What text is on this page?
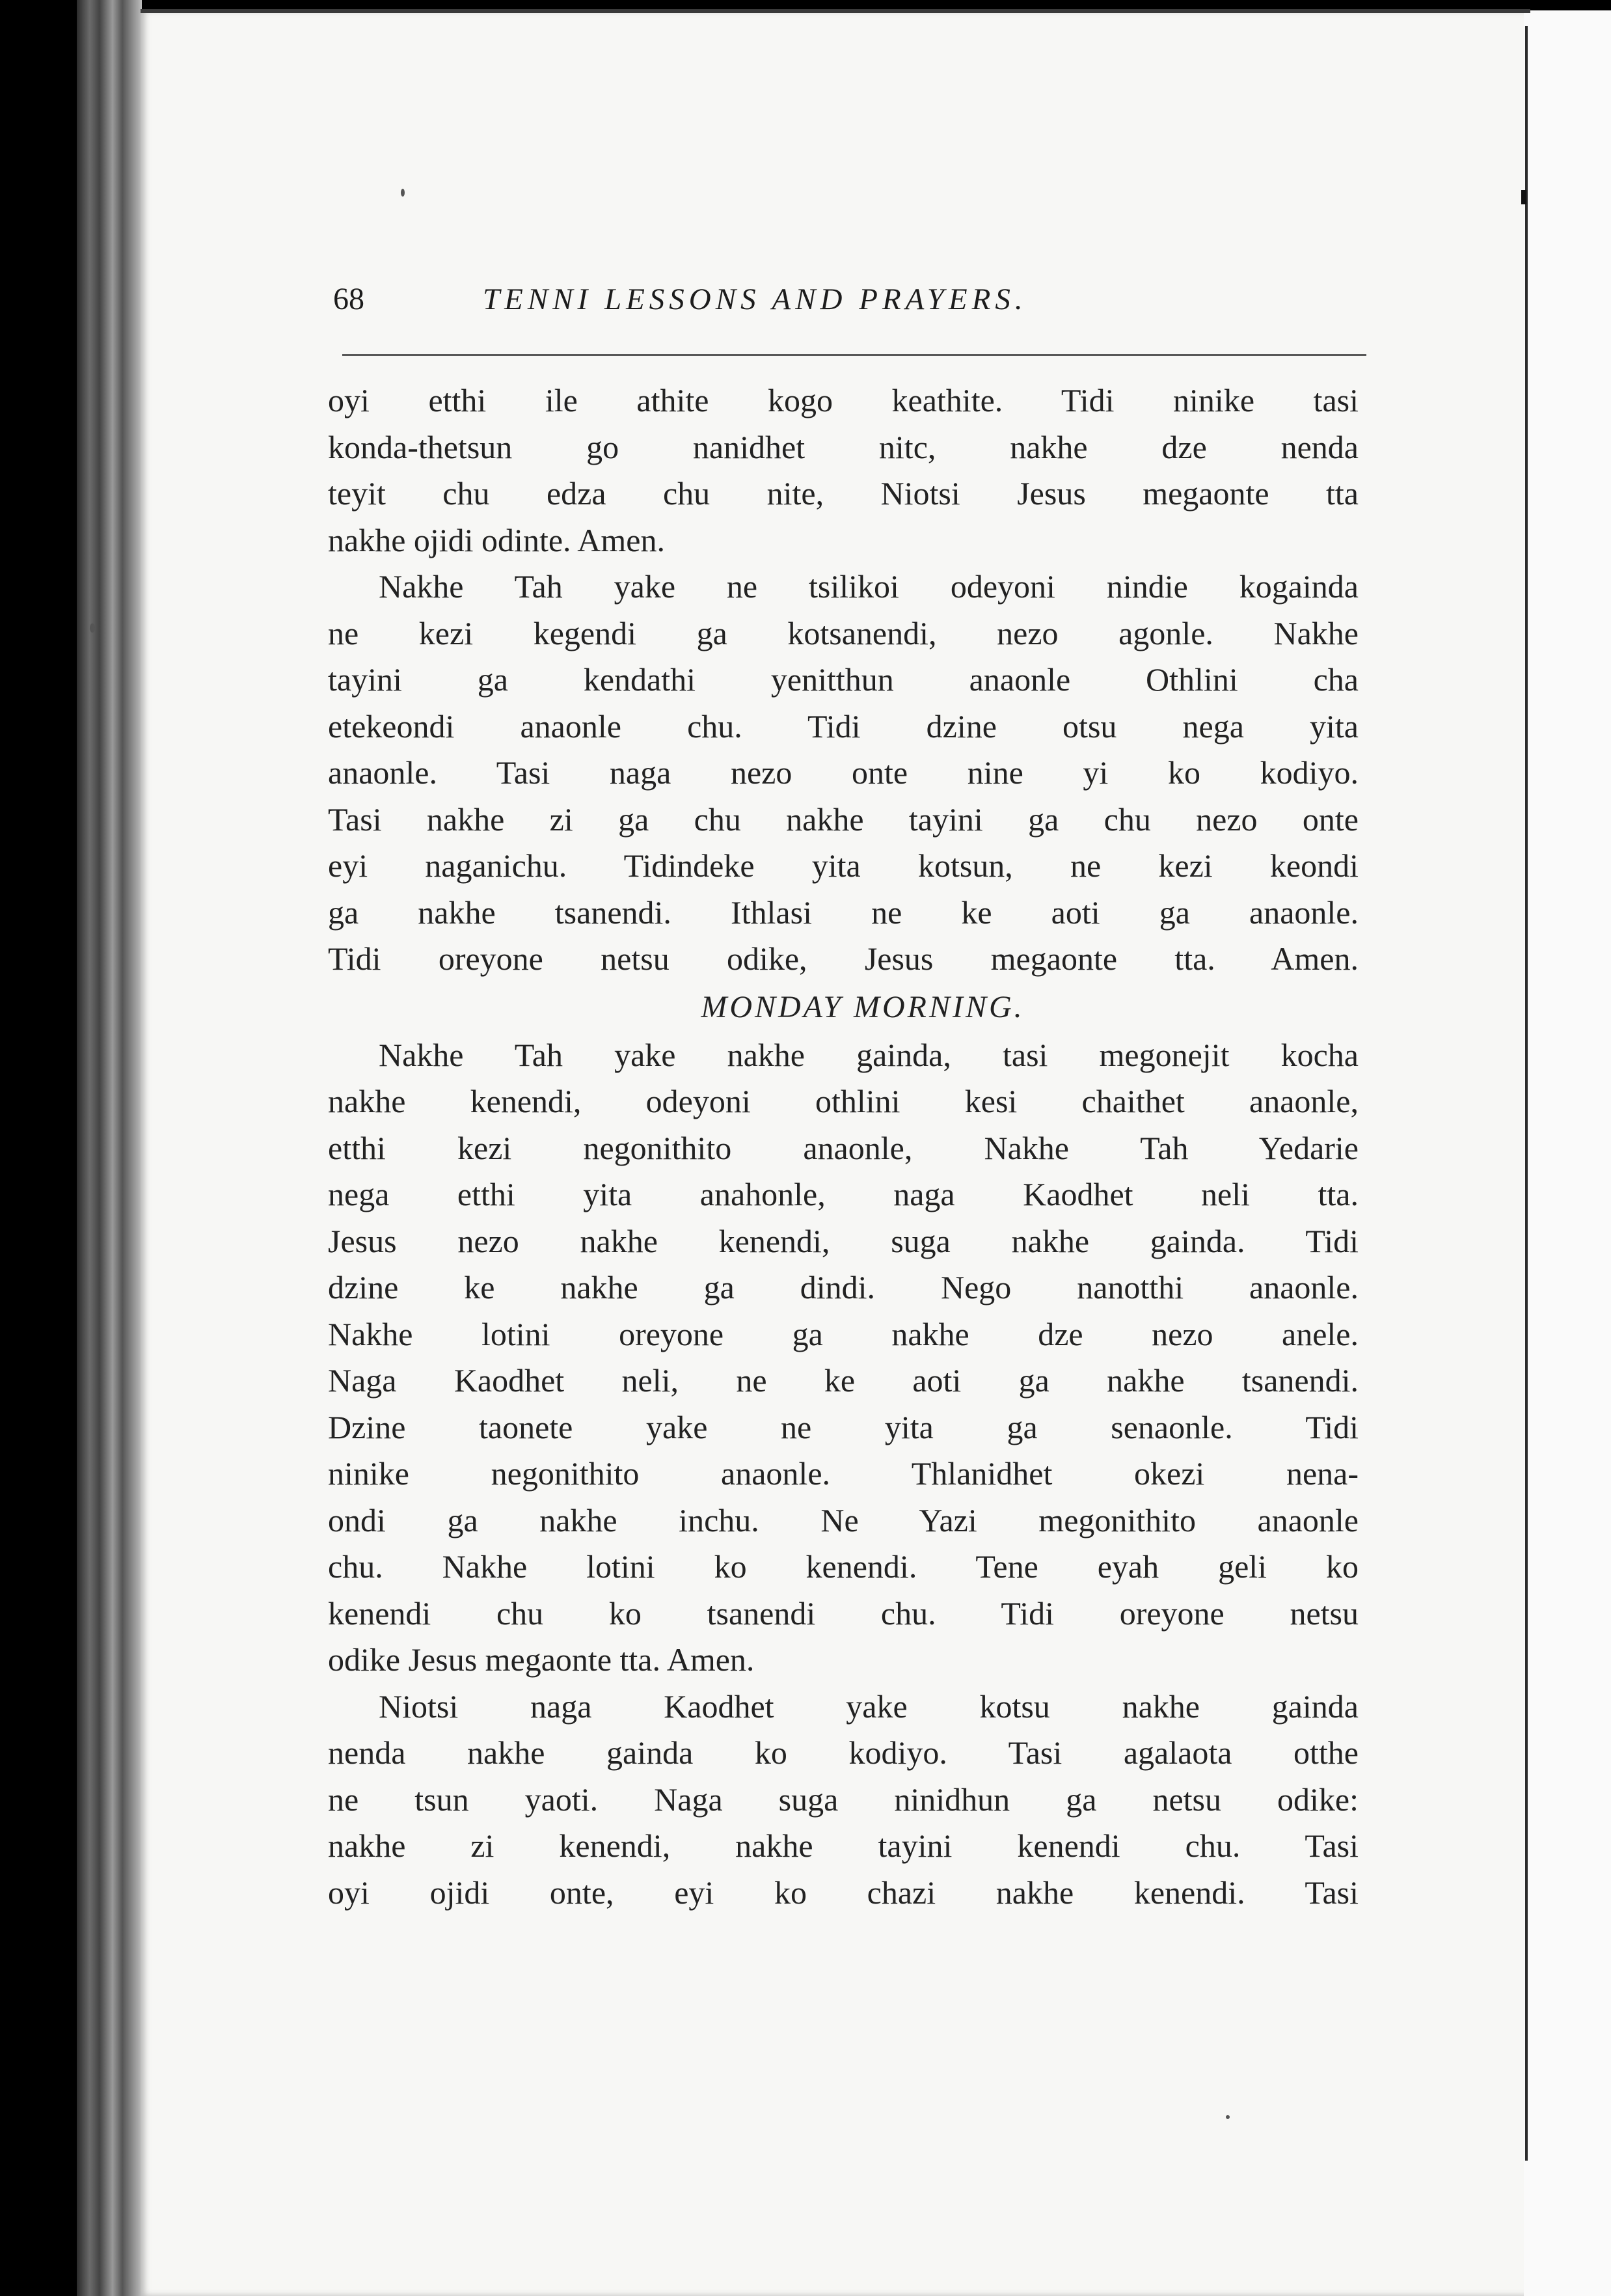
68	TENNI LESSONS AND PRAYERS.
oyi etthi ile athite kogo keathite. Tidi ninike tasi
konda-thetsun go nanidhet nitc, nakhe dze nenda
teyit chu edza chu nite, Niotsi Jesus megaonte tta
nakhe ojidi odinte. Amen.
Nakhe Tah yake ne tsilikoi odeyoni nindie kogainda
ne kezi kegendi ga kotsanendi, nezo agonle. Nakhe
tayini ga kendathi yenitthun anaonle Othlini cha
etekeondi anaonle chu. Tidi dzine otsu nega yita
anaonle. Tasi naga nezo onte nine yi ko kodiyo.
Tasi nakhe zi ga chu nakhe tayini ga chu nezo onte
eyi naganichu. Tidindeke yita kotsun, ne kezi keondi
ga nakhe tsanendi. Ithlasi ne ke aoti ga anaonle.
Tidi oreyone netsu odike, Jesus megaonte tta. Amen.
MONDAY MORNING.
Nakhe Tah yake nakhe gainda, tasi megonejit kocha
nakhe kenendi, odeyoni othlini kesi chaithet anaonle,
etthi kezi negonithito anaonle, Nakhe Tah Yedarie
nega etthi yita anahonle, naga Kaodhet neli tta.
Jesus nezo nakhe kenendi, suga nakhe gainda. Tidi
dzine ke nakhe ga dindi. Nego nanotthi anaonle.
Nakhe lotini oreyone ga nakhe dze nezo anele.
Naga Kaodhet neli, ne ke aoti ga nakhe tsanendi.
Dzine taonete yake ne yita ga senaonle. Tidi
ninike negonithito anaonle. Thlanidhet okezi nena-
ondi ga nakhe inchu. Ne Yazi megonithito anaonle
chu. Nakhe lotini ko kenendi. Tene eyah geli ko
kenendi chu ko tsanendi chu. Tidi oreyone netsu
odike Jesus megaonte tta. Amen.
Niotsi naga Kaodhet yake kotsu nakhe gainda
nenda nakhe gainda ko kodiyo. Tasi agalaota otthe
ne tsun yaoti. Naga suga ninidhun ga netsu odike:
nakhe zi kenendi, nakhe tayini kenendi chu. Tasi
oyi ojidi onte, eyi ko chazi nakhe kenendi. Tasi
